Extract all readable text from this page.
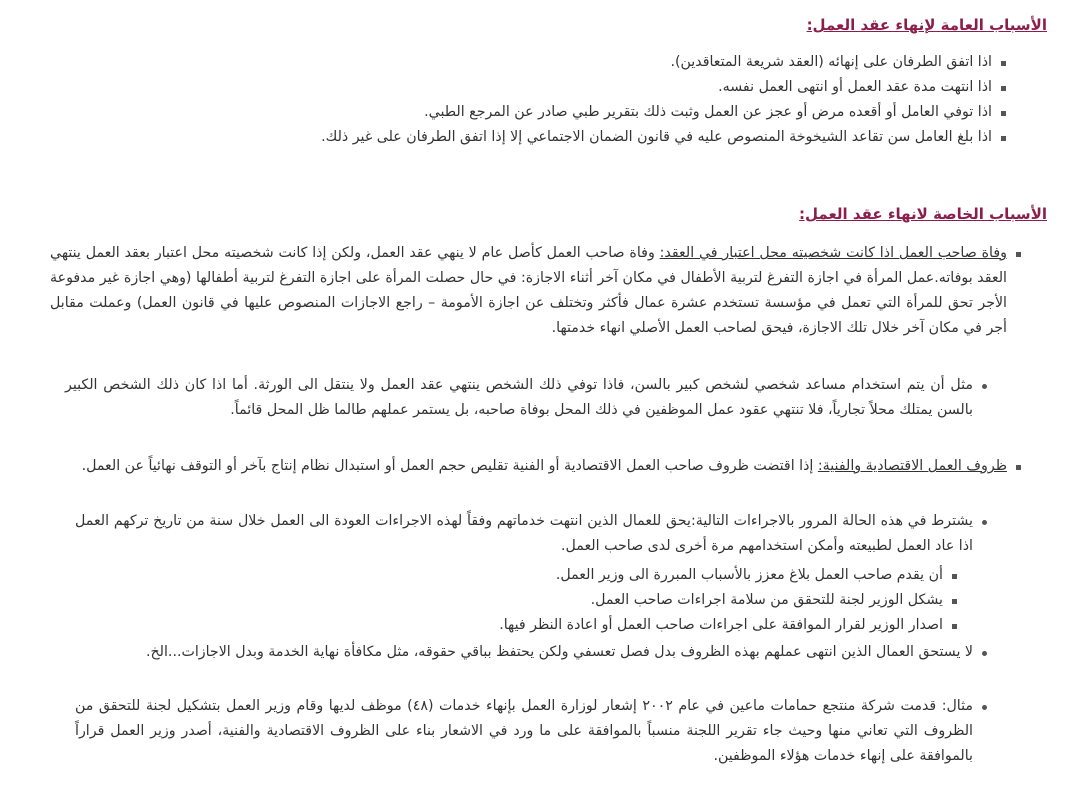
الأسباب العامة لإنهاء عقد العمل:
اذا اتفق الطرفان على إنهائه (العقد شريعة المتعاقدين).
اذا انتهت مدة عقد العمل أو انتهى العمل نفسه.
اذا توفي العامل أو أقعده مرض أو عجز عن العمل وثبت ذلك بتقرير طبي صادر عن المرجع الطبي.
اذا بلغ العامل سن تقاعد الشيخوخة المنصوص عليه في قانون الضمان الاجتماعي إلا إذا اتفق الطرفان على غير ذلك.
الأسباب الخاصة لانهاء عقد العمل:
وفاة صاحب العمل اذا كانت شخصيته محل اعتبار في العقد: وفاة صاحب العمل كأصل عام لا ينهي عقد العمل، ولكن إذا كانت شخصيته محل اعتبار بعقد العمل ينتهي العقد بوفاته.عمل المرأة في اجازة التفرغ لتربية الأطفال في مكان آخر أثناء الاجازة: في حال حصلت المرأة على اجازة التفرغ لتربية أطفالها (وهي اجازة غير مدفوعة الأجر تحق للمرأة التي تعمل في مؤسسة تستخدم عشرة عمال فأكثر وتختلف عن اجازة الأمومة – راجع الاجازات المنصوص عليها في قانون العمل) وعملت مقابل أجر في مكان آخر خلال تلك الاجازة، فيحق لصاحب العمل الأصلي انهاء خدمتها.
مثل أن يتم استخدام مساعد شخصي لشخص كبير بالسن، فاذا توفي ذلك الشخص ينتهي عقد العمل ولا ينتقل الى الورثة. أما اذا كان ذلك الشخص الكبير بالسن يمتلك محلاً تجارياً، فلا تنتهي عقود عمل الموظفين في ذلك المحل بوفاة صاحبه، بل يستمر عملهم طالما ظل المحل قائماً.
ظروف العمل الاقتصادية والفنية: إذا اقتضت ظروف صاحب العمل الاقتصادية أو الفنية تقليص حجم العمل أو استبدال نظام إنتاج بآخر أو التوقف نهائياً عن العمل.
يشترط في هذه الحالة المرور بالاجراءات التالية:يحق للعمال الذين انتهت خدماتهم وفقاً لهذه الاجراءات العودة الى العمل خلال سنة من تاريخ تركهم العمل اذا عاد العمل لطبيعته وأمكن استخدامهم مرة أخرى لدى صاحب العمل.
أن يقدم صاحب العمل بلاغ معزز بالأسباب المبررة الى وزير العمل.
يشكل الوزير لجنة للتحقق من سلامة اجراءات صاحب العمل.
اصدار الوزير لقرار الموافقة على اجراءات صاحب العمل أو اعادة النظر فيها.
لا يستحق العمال الذين انتهى عملهم بهذه الظروف بدل فصل تعسفي ولكن يحتفظ بباقي حقوقه، مثل مكافأة نهاية الخدمة وبدل الاجازات...الخ.
مثال: قدمت شركة منتجع حمامات ماعين في عام ٢٠٠٢ إشعار لوزارة العمل بإنهاء خدمات (٤٨) موظف لديها وقام وزير العمل بتشكيل لجنة للتحقق من الظروف التي تعاني منها وحيث جاء تقرير اللجنة منسباً بالموافقة على ما ورد في الاشعار بناء على الظروف الاقتصادية والفنية، أصدر وزير العمل قراراً بالموافقة على إنهاء خدمات هؤلاء الموظفين.
